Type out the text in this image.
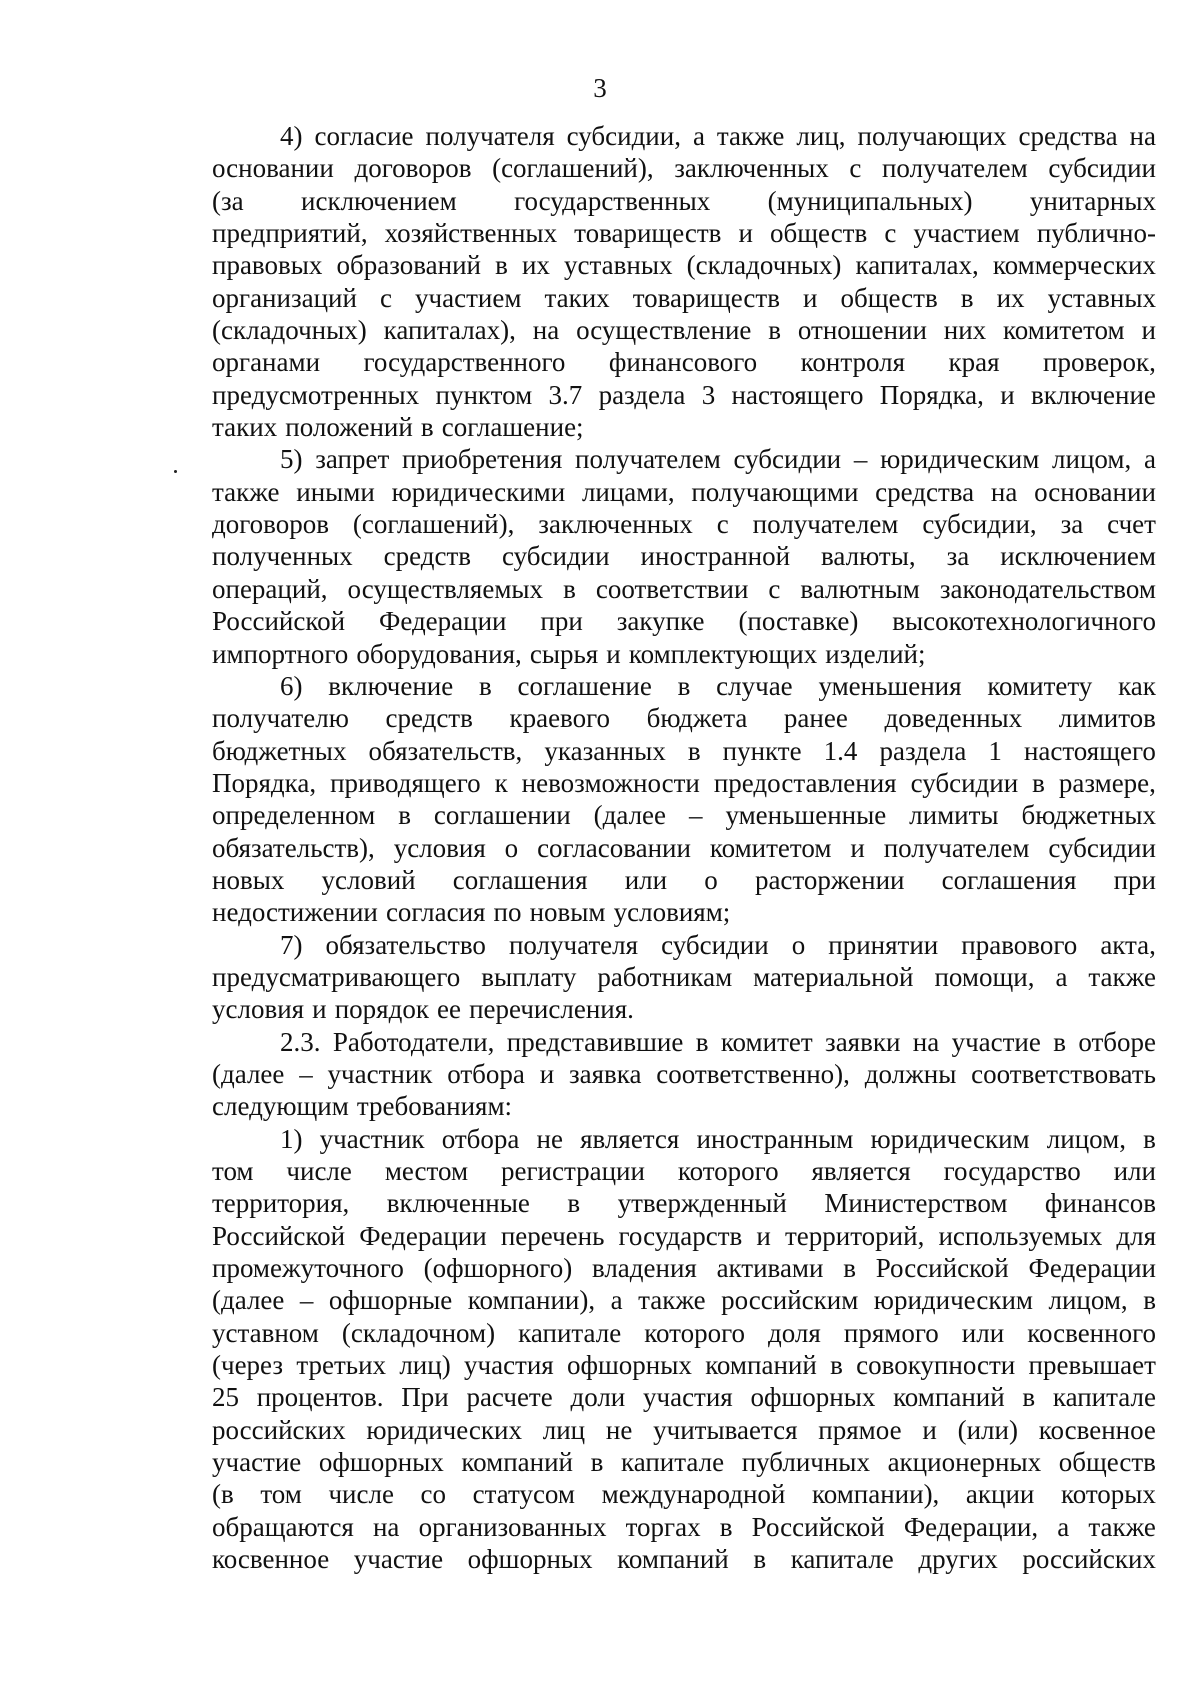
3
4) согласие получателя субсидии, а также лиц, получающих средства на
основании договоров (соглашений), заключенных с получателем субсидии
(за исключением государственных (муниципальных) унитарных
предприятий, хозяйственных товариществ и обществ с участием публично-
правовых образований в их уставных (складочных) капиталах, коммерческих
организаций с участием таких товариществ и обществ в их уставных
(складочных) капиталах), на осуществление в отношении них комитетом и
органами государственного финансового контроля края проверок,
предусмотренных пунктом 3.7 раздела 3 настоящего Порядка, и включение
таких положений в соглашение;
5) запрет приобретения получателем субсидии – юридическим лицом, а
также иными юридическими лицами, получающими средства на основании
договоров (соглашений), заключенных с получателем субсидии, за счет
полученных средств субсидии иностранной валюты, за исключением
операций, осуществляемых в соответствии с валютным законодательством
Российской Федерации при закупке (поставке) высокотехнологичного
импортного оборудования, сырья и комплектующих изделий;
6) включение в соглашение в случае уменьшения комитету как
получателю средств краевого бюджета ранее доведенных лимитов
бюджетных обязательств, указанных в пункте 1.4 раздела 1 настоящего
Порядка, приводящего к невозможности предоставления субсидии в размере,
определенном в соглашении (далее – уменьшенные лимиты бюджетных
обязательств), условия о согласовании комитетом и получателем субсидии
новых условий соглашения или о расторжении соглашения при
недостижении согласия по новым условиям;
7) обязательство получателя субсидии о принятии правового акта,
предусматривающего выплату работникам материальной помощи, а также
условия и порядок ее перечисления.
2.3. Работодатели, представившие в комитет заявки на участие в отборе
(далее – участник отбора и заявка соответственно), должны соответствовать
следующим требованиям:
1) участник отбора не является иностранным юридическим лицом, в
том числе местом регистрации которого является государство или
территория, включенные в утвержденный Министерством финансов
Российской Федерации перечень государств и территорий, используемых для
промежуточного (офшорного) владения активами в Российской Федерации
(далее – офшорные компании), а также российским юридическим лицом, в
уставном (складочном) капитале которого доля прямого или косвенного
(через третьих лиц) участия офшорных компаний в совокупности превышает
25 процентов. При расчете доли участия офшорных компаний в капитале
российских юридических лиц не учитывается прямое и (или) косвенное
участие офшорных компаний в капитале публичных акционерных обществ
(в том числе со статусом международной компании), акции которых
обращаются на организованных торгах в Российской Федерации, а также
косвенное участие офшорных компаний в капитале других российских
